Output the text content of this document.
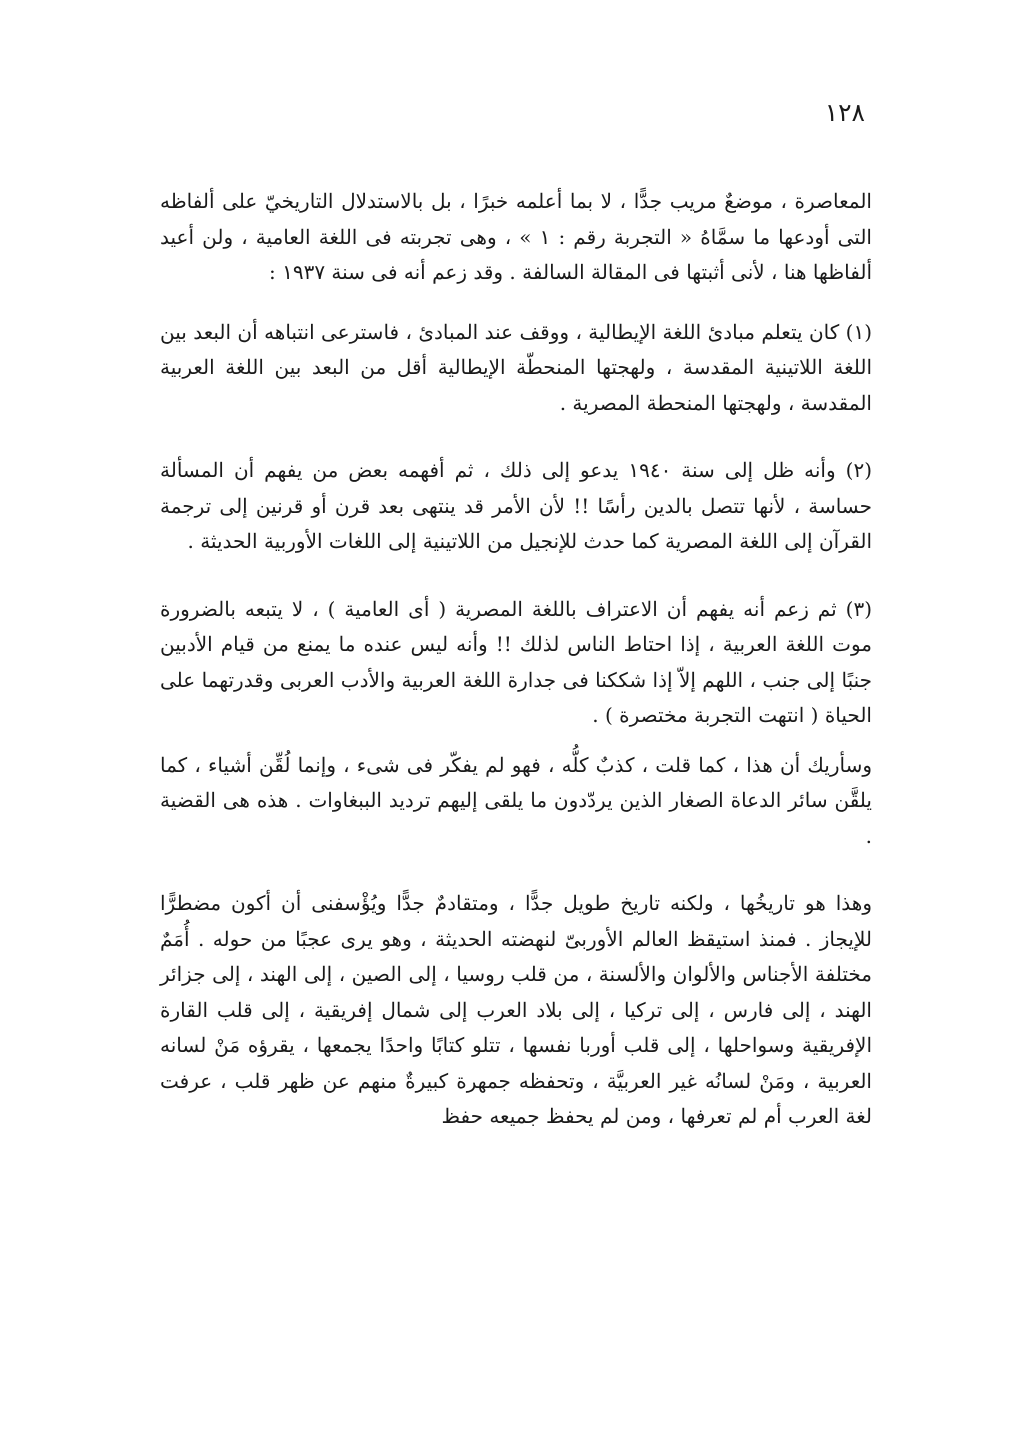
١٢٨

المعاصرة ، موضعٌ مريب جدًّا ، لا بما أعلمه خبرًا ، بل بالاستدلال التاريخيّ على ألفاظه التى أودعها ما سمَّاهُ « التجربة رقم : ١ » ، وهى تجربته فى اللغة العامية ، ولن أعيد ألفاظها هنا ، لأنى أثبتها فى المقالة السالفة . وقد زعم أنه فى سنة ١٩٣٧ :

(١) كان يتعلم مبادئ اللغة الإيطالية ، ووقف عند المبادئ ، فاسترعى انتباهه أن البعد بين اللغة اللاتينية المقدسة ، ولهجتها المنحطّة الإيطالية أقل من البعد بين اللغة العربية المقدسة ، ولهجتها المنحطة المصرية .

(٢) وأنه ظل إلى سنة ١٩٤٠ يدعو إلى ذلك ، ثم أفهمه بعض من يفهم أن المسألة حساسة ، لأنها تتصل بالدين رأسًا !! لأن الأمر قد ينتهى بعد قرن أو قرنين إلى ترجمة القرآن إلى اللغة المصرية كما حدث للإنجيل من اللاتينية إلى اللغات الأوربية الحديثة .

(٣) ثم زعم أنه يفهم أن الاعتراف باللغة المصرية ( أى العامية ) ، لا يتبعه بالضرورة موت اللغة العربية ، إذا احتاط الناس لذلك !! وأنه ليس عنده ما يمنع من قيام الأدبين جنبًا إلى جنب ، اللهم إلاّ إذا شككنا فى جدارة اللغة العربية والأدب العربى وقدرتهما على الحياة ( انتهت التجربة مختصرة ) .

وسأريك أن هذا ، كما قلت ، كذبٌ كلُّه ، فهو لم يفكّر فى شىء ، وإنما لُقِّن أشياء ، كما يلقَّن سائر الدعاة الصغار الذين يردّدون ما يلقى إليهم ترديد الببغاوات . هذه هى القضية .

وهذا هو تاريخُها ، ولكنه تاريخ طويل جدًّا ، ومتقادمٌ جدًّا ويُؤْسفنى أن أكون مضطرًّا للإيجاز . فمنذ استيقظ العالم الأوربىّ لنهضته الحديثة ، وهو يرى عجبًا من حوله . أُمَمٌ مختلفة الأجناس والألوان والألسنة ، من قلب روسيا ، إلى الصين ، إلى الهند ، إلى جزائر الهند ، إلى فارس ، إلى تركيا ، إلى بلاد العرب إلى شمال إفريقية ، إلى قلب القارة الإفريقية وسواحلها ، إلى قلب أوربا نفسها ، تتلو كتابًا واحدًا يجمعها ، يقرؤه مَنْ لسانه العربية ، ومَنْ لسانُه غير العربيَّة ، وتحفظه جمهرة كبيرةٌ منهم عن ظهر قلب ، عرفت لغة العرب أم لم تعرفها ، ومن لم يحفظ جميعه حفظ
